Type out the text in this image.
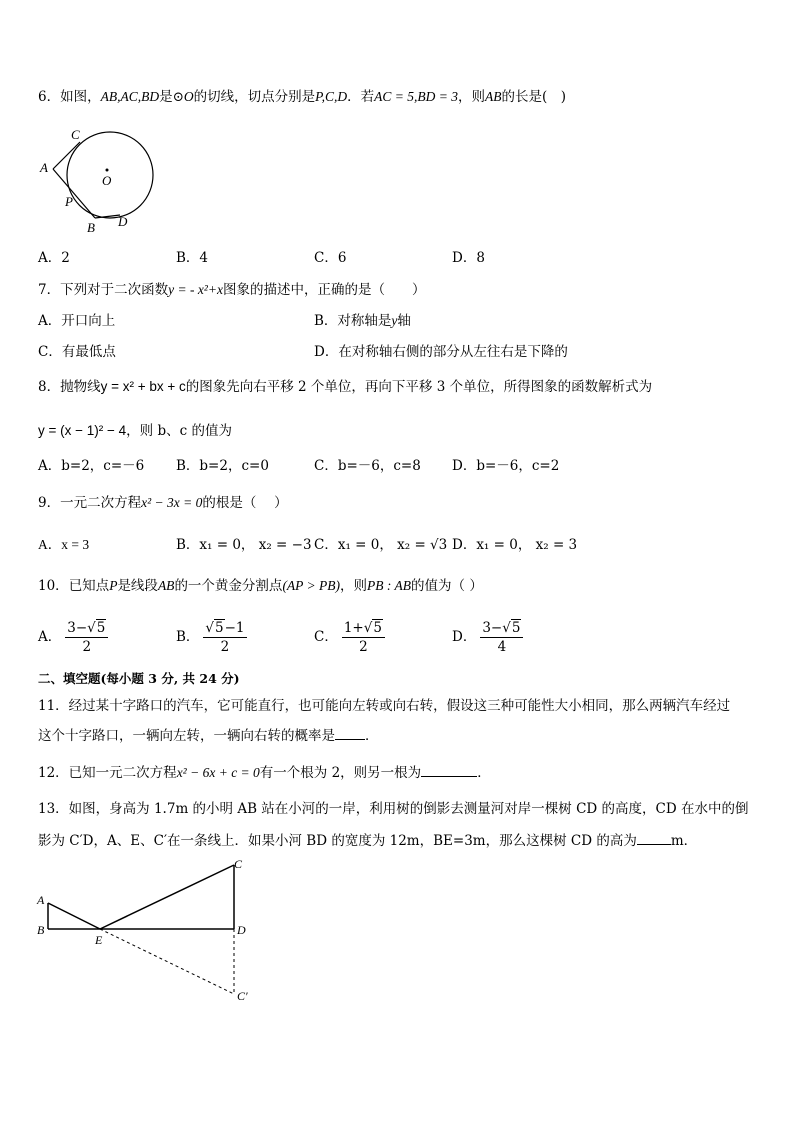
6．如图，AB,AC,BD是⊙O的切线，切点分别是P,C,D．若AC = 5,BD = 3，则AB的长是(　)
A
C
O
P
B D
A．2	B．4	C．6	D．8
7．下列对于二次函数y = - x²+x图象的描述中，正确的是（　　）
A．开口向上	B．对称轴是y轴
C．有最低点	D．在对称轴右侧的部分从左往右是下降的
8．抛物线y = x² + bx + c的图象先向右平移 2 个单位，再向下平移 3 个单位，所得图象的函数解析式为
y = (x − 1)² − 4，则 b、c 的值为
A．b=2，c=－6 B．b=2，c=0	C．b=－6，c=8 D．b=－6，c=2
9．一元二次方程x² − 3x = 0的根是（　 ）
A．x = 3	B．x₁ = 0， x₂ = −3 C．x₁ = 0， x₂ = √3 D．x₁ = 0， x₂ = 3
10．已知点P是线段AB的一个黄金分割点(AP > PB)，则PB : AB的值为（ ）
A． $\frac{3-√5}{2}$	B． $\frac{√5-1}{2}$	C． $\frac{1+√5}{2}$	D． $\frac{3-√5}{4}$
二、填空题(每小题 3 分, 共 24 分)
11．经过某十字路口的汽车，它可能直行，也可能向左转或向右转，假设这三种可能性大小相同，那么两辆汽车经过
这个十字路口，一辆向左转，一辆向右转的概率是 ．
12．已知一元二次方程x² − 6x + c = 0有一个根为 2，则另一根为	．
13．如图，身高为 1.7m 的小明 AB 站在小河的一岸，利用树的倒影去测量河对岸一棵树 CD 的高度，CD 在水中的倒
影为 C′D，A、E、C′在一条线上．如果小河 BD 的宽度为 12m，BE=3m，那么这棵树 CD 的高为	m．
A
B
E
C
D
C′
